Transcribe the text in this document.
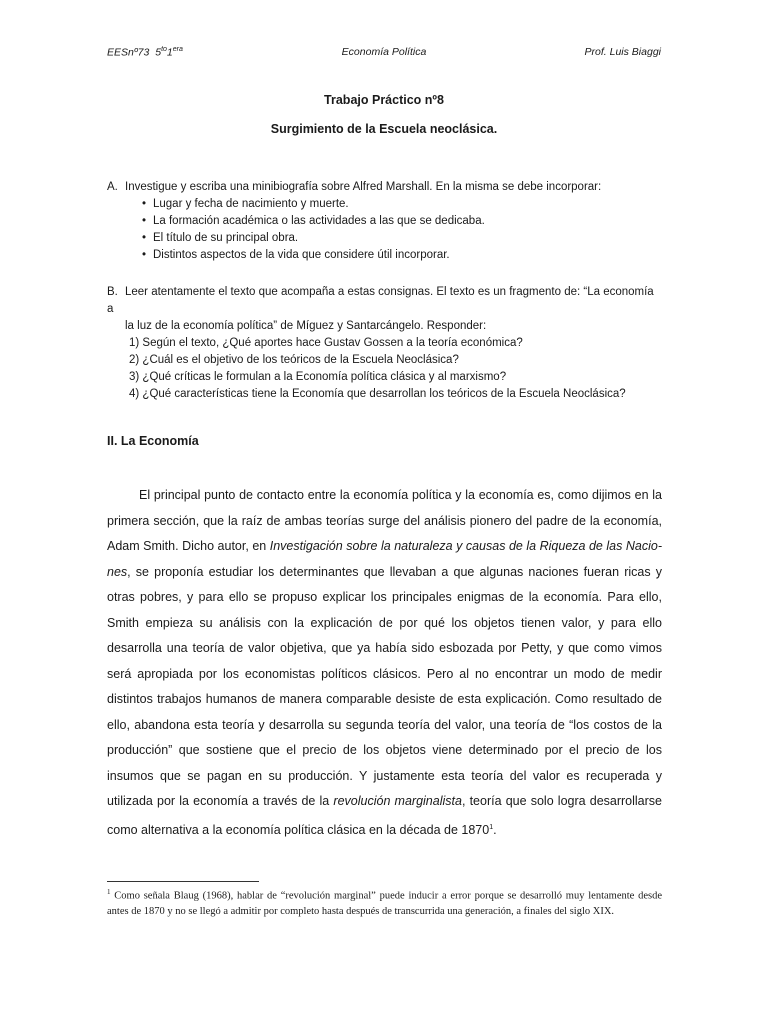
EESnº73 $5^{to}1^{era}$	Economía Política	Prof. Luis Biaggi
Trabajo Práctico nº8
Surgimiento de la Escuela neoclásica.
A. Investigue y escriba una minibiografía sobre Alfred Marshall. En la misma se debe incorporar:
• Lugar y fecha de nacimiento y muerte.
• La formación académica o las actividades a las que se dedicaba.
• El título de su principal obra.
• Distintos aspectos de la vida que considere útil incorporar.
B. Leer atentamente el texto que acompaña a estas consignas. El texto es un fragmento de: “La economía a
la luz de la economía política” de Míguez y Santarcángelo. Responder:
1) Según el texto, ¿Qué aportes hace Gustav Gossen a la teoría económica?
2) ¿Cuál es el objetivo de los teóricos de la Escuela Neoclásica?
3) ¿Qué críticas le formulan a la Economía política clásica y al marxismo?
4) ¿Qué características tiene la Economía que desarrollan los teóricos de la Escuela Neoclásica?
II. La Economía

El principal punto de contacto entre la economía política y la economía es, como dijimos en la primera sección, que la raíz de ambas teorías surge del análisis pionero del padre de la economía, Adam Smith. Dicho autor, en Investigación sobre la naturaleza y causas de la Riqueza de las Naciones, se proponía estudiar los determinantes que llevaban a que algunas naciones fueran ricas y otras pobres, y para ello se propuso explicar los principales enigmas de la economía. Para ello, Smith empieza su análisis con la explicación de por qué los objetos tienen valor, y para ello desarrolla una teoría de valor objetiva, que ya había sido esbozada por Petty, y que como vimos será apropiada por los economistas políticos clásicos. Pero al no encontrar un modo de medir distintos trabajos humanos de manera comparable desiste de esta explicación. Como resultado de ello, abandona esta teoría y desarrolla su segunda teoría del valor, una teoría de “los costos de la producción” que sostiene que el precio de los objetos viene determinado por el precio de los insumos que se pagan en su producción. Y justamente esta teoría del valor es recuperada y utilizada por la economía a través de la revolución marginalista, teoría que solo logra desarrollarse como alternativa a la economía política clásica en la década de 1870$^1$.

$^1$ Como señala Blaug (1968), hablar de “revolución marginal” puede inducir a error porque se desarrolló muy lentamente desde antes de 1870 y no se llegó a admitir por completo hasta después de transcurrida una generación, a finales del siglo XIX.
